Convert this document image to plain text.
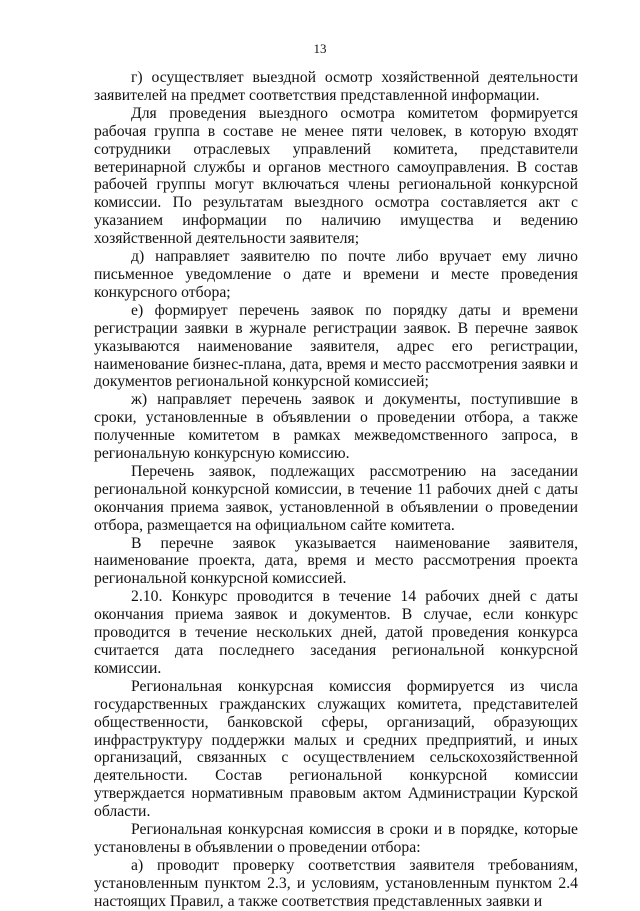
13

г) осуществляет выездной осмотр хозяйственной деятельности заявителей на предмет соответствия представленной информации.

Для проведения выездного осмотра комитетом формируется рабочая группа в составе не менее пяти человек, в которую входят сотрудники отраслевых управлений комитета, представители ветеринарной службы и органов местного самоуправления. В состав рабочей группы могут включаться члены региональной конкурсной комиссии. По результатам выездного осмотра составляется акт с указанием информации по наличию имущества и ведению хозяйственной деятельности заявителя;

д) направляет заявителю по почте либо вручает ему лично письменное уведомление о дате и времени и месте проведения конкурсного отбора;

е) формирует перечень заявок по порядку даты и времени регистрации заявки в журнале регистрации заявок. В перечне заявок указываются наименование заявителя, адрес его регистрации, наименование бизнес-плана, дата, время и место рассмотрения заявки и документов региональной конкурсной комиссией;

ж) направляет перечень заявок и документы, поступившие в сроки, установленные в объявлении о проведении отбора, а также полученные комитетом в рамках межведомственного запроса, в региональную конкурсную комиссию.

Перечень заявок, подлежащих рассмотрению на заседании региональной конкурсной комиссии, в течение 11 рабочих дней с даты окончания приема заявок, установленной в объявлении о проведении отбора, размещается на официальном сайте комитета.

В перечне заявок указывается наименование заявителя, наименование проекта, дата, время и место рассмотрения проекта региональной конкурсной комиссией.

2.10. Конкурс проводится в течение 14 рабочих дней с даты окончания приема заявок и документов. В случае, если конкурс проводится в течение нескольких дней, датой проведения конкурса считается дата последнего заседания региональной конкурсной комиссии.

Региональная конкурсная комиссия формируется из числа государственных гражданских служащих комитета, представителей общественности, банковской сферы, организаций, образующих инфраструктуру поддержки малых и средних предприятий, и иных организаций, связанных с осуществлением сельскохозяйственной деятельности. Состав региональной конкурсной комиссии утверждается нормативным правовым актом Администрации Курской области.

Региональная конкурсная комиссия в сроки и в порядке, которые установлены в объявлении о проведении отбора:

а) проводит проверку соответствия заявителя требованиям, установленным пунктом 2.3, и условиям, установленным пунктом 2.4 настоящих Правил, а также соответствия представленных заявки и
